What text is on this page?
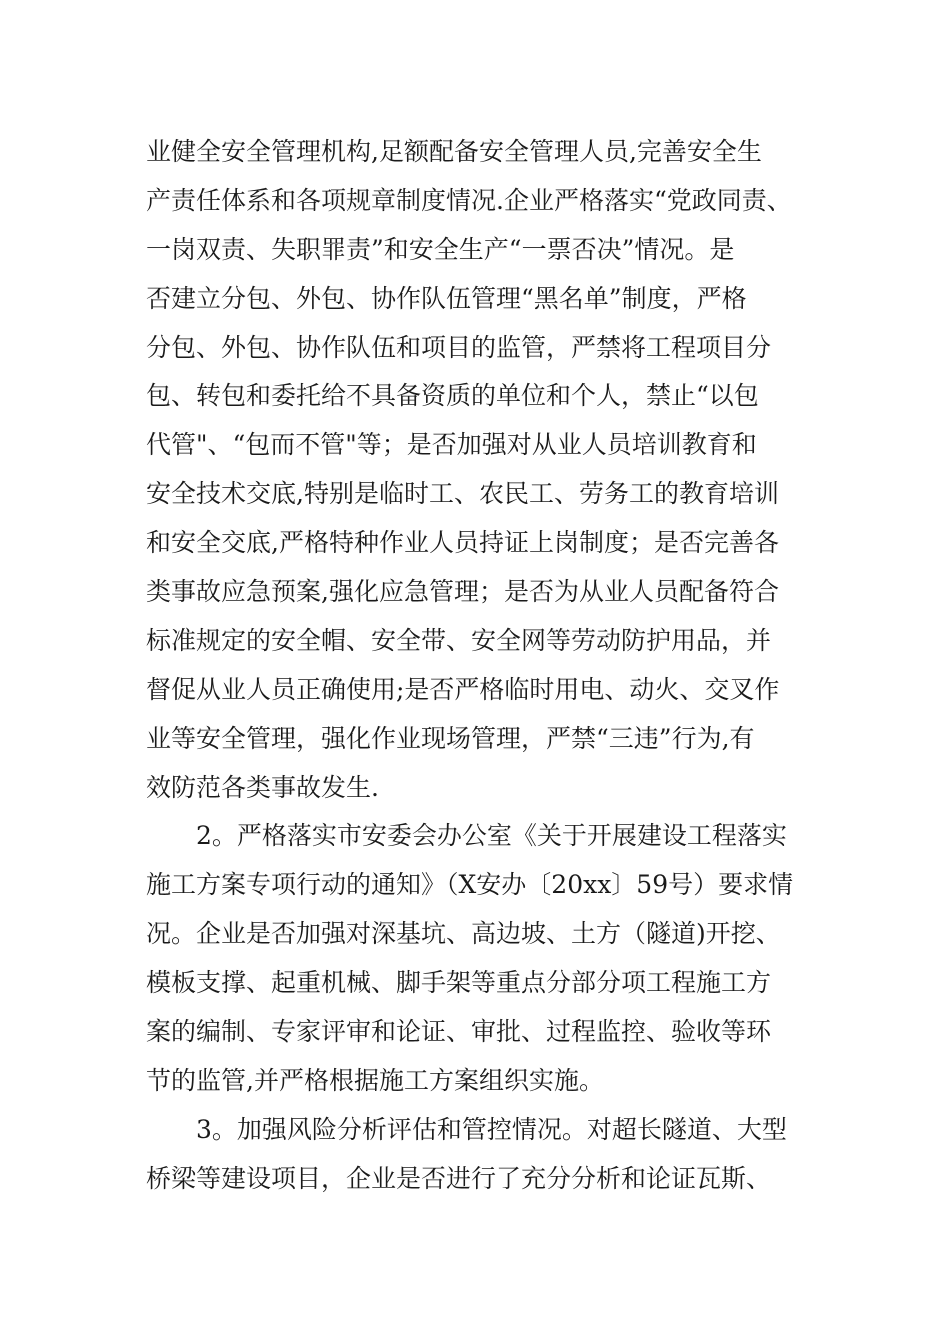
业健全安全管理机构,足额配备安全管理人员,完善安全生
产责任体系和各项规章制度情况.企业严格落实“党政同责、
一岗双责、失职罪责”和安全生产“一票否决”情况。是
否建立分包、外包、协作队伍管理“黑名单”制度，严格
分包、外包、协作队伍和项目的监管，严禁将工程项目分
包、转包和委托给不具备资质的单位和个人，禁止“以包
代管"、“包而不管"等；是否加强对从业人员培训教育和
安全技术交底,特别是临时工、农民工、劳务工的教育培训
和安全交底,严格特种作业人员持证上岗制度；是否完善各
类事故应急预案,强化应急管理；是否为从业人员配备符合
标准规定的安全帽、安全带、安全网等劳动防护用品，并
督促从业人员正确使用;是否严格临时用电、动火、交叉作
业等安全管理，强化作业现场管理，严禁“三违”行为,有
效防范各类事故发生.
2。严格落实市安委会办公室《关于开展建设工程落实
施工方案专项行动的通知》（X安办〔20xx〕59号）要求情
况。企业是否加强对深基坑、高边坡、土方（隧道)开挖、
模板支撑、起重机械、脚手架等重点分部分项工程施工方
案的编制、专家评审和论证、审批、过程监控、验收等环
节的监管,并严格根据施工方案组织实施。
3。加强风险分析评估和管控情况。对超长隧道、大型
桥梁等建设项目，企业是否进行了充分分析和论证瓦斯、
